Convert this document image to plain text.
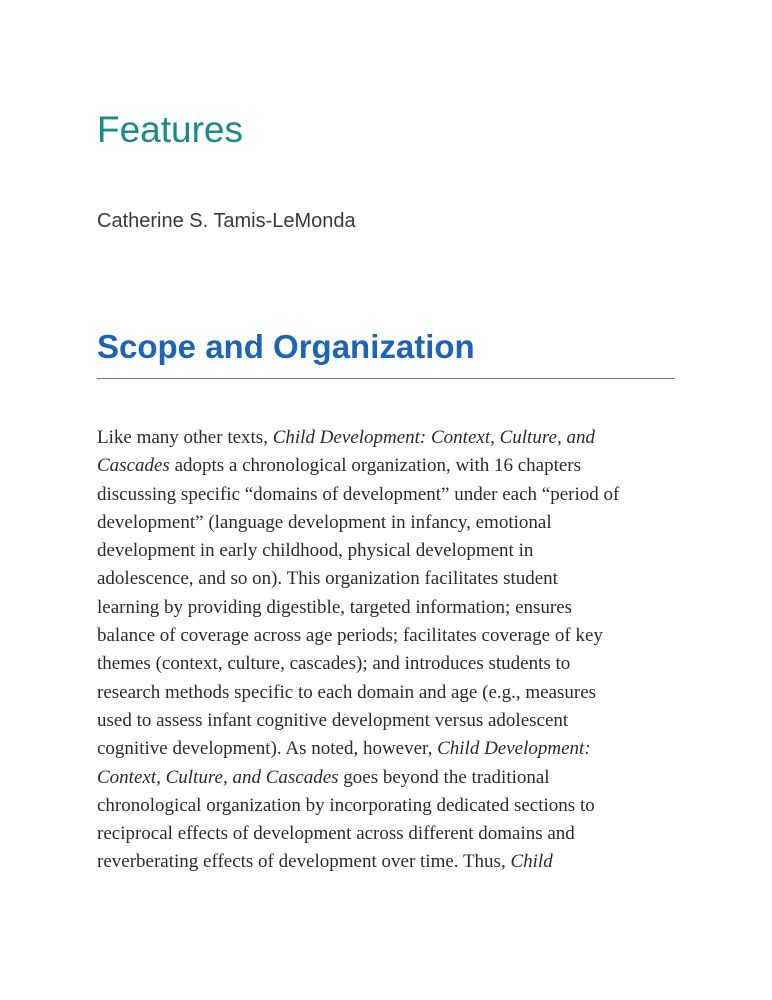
Features

Catherine S. Tamis-LeMonda

Scope and Organization
Like many other texts, Child Development: Context, Culture, and
Cascades adopts a chronological organization, with 16 chapters
discussing specific “domains of development” under each “period of
development” (language development in infancy, emotional
development in early childhood, physical development in
adolescence, and so on). This organization facilitates student
learning by providing digestible, targeted information; ensures
balance of coverage across age periods; facilitates coverage of key
themes (context, culture, cascades); and introduces students to
research methods specific to each domain and age (e.g., measures
used to assess infant cognitive development versus adolescent
cognitive development). As noted, however, Child Development:
Context, Culture, and Cascades goes beyond the traditional
chronological organization by incorporating dedicated sections to
reciprocal effects of development across different domains and
reverberating effects of development over time. Thus, Child
